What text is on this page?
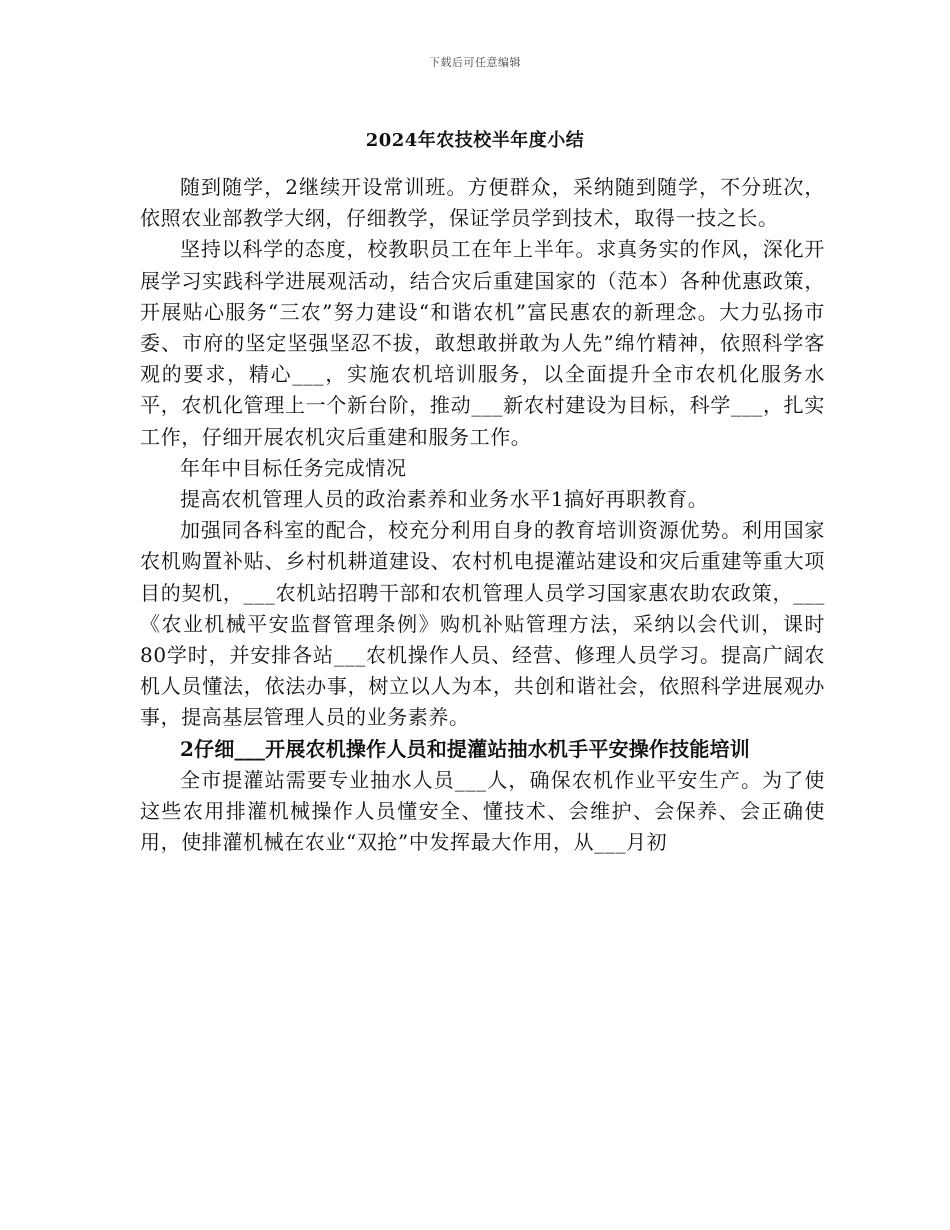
下载后可任意编辑
2024年农技校半年度小结

随到随学，2继续开设常训班。方便群众，采纳随到随学，不分班次，依照农业部教学大纲，仔细教学，保证学员学到技术，取得一技之长。

坚持以科学的态度，校教职员工在年上半年。求真务实的作风，深化开展学习实践科学进展观活动，结合灾后重建国家的（范本）各种优惠政策，开展贴心服务“三农”努力建设“和谐农机”富民惠农的新理念。大力弘扬市委、市府的坚定坚强坚忍不拔，敢想敢拼敢为人先”绵竹精神，依照科学客观的要求，精心___，实施农机培训服务，以全面提升全市农机化服务水平，农机化管理上一个新台阶，推动___新农村建设为目标，科学___，扎实工作，仔细开展农机灾后重建和服务工作。

年年中目标任务完成情况

提高农机管理人员的政治素养和业务水平1搞好再职教育。

加强同各科室的配合，校充分利用自身的教育培训资源优势。利用国家农机购置补贴、乡村机耕道建设、农村机电提灌站建设和灾后重建等重大项目的契机，___农机站招聘干部和农机管理人员学习国家惠农助农政策，___《农业机械平安监督管理条例》购机补贴管理方法，采纳以会代训，课时80学时，并安排各站___农机操作人员、经营、修理人员学习。提高广阔农机人员懂法，依法办事，树立以人为本，共创和谐社会，依照科学进展观办事，提高基层管理人员的业务素养。

2仔细___开展农机操作人员和提灌站抽水机手平安操作技能培训

全市提灌站需要专业抽水人员___人，确保农机作业平安生产。为了使这些农用排灌机械操作人员懂安全、懂技术、会维护、会保养、会正确使用，使排灌机械在农业“双抢”中发挥最大作用，从___月初
